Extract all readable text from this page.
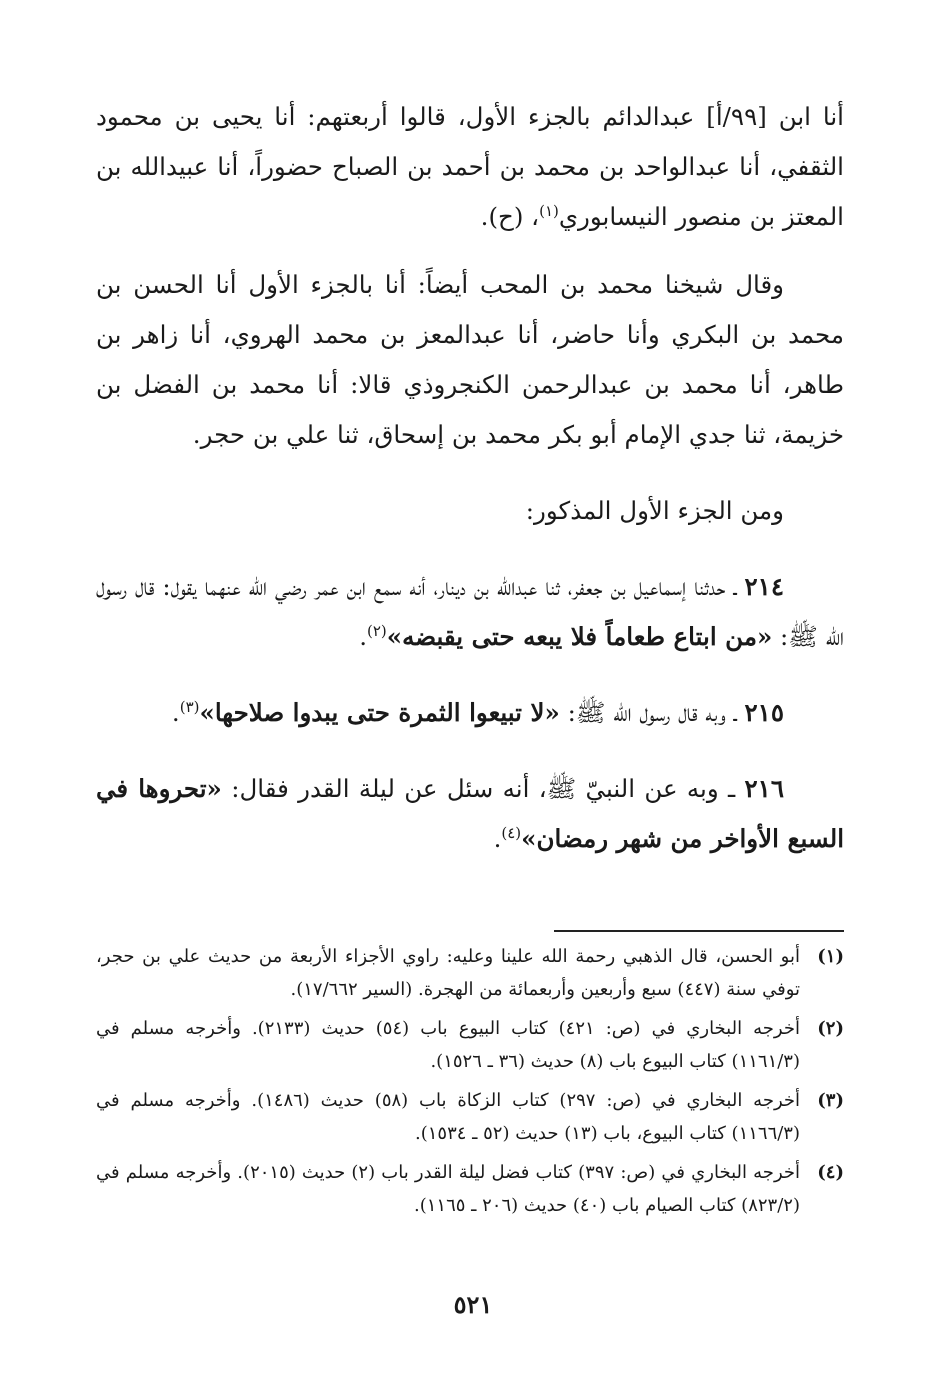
أنا ابن [٩٩/أ] عبدالدائم بالجزء الأول، قالوا أربعتهم: أنا يحيى بن محمود الثقفي، أنا عبدالواحد بن محمد بن أحمد بن الصباح حضوراً، أنا عبيدالله بن المعتز بن منصور النيسابوري$^{(١)}$، (ح).

وقال شيخنا محمد بن المحب أيضاً: أنا بالجزء الأول أنا الحسن بن محمد بن البكري وأنا حاضر، أنا عبدالمعز بن محمد الهروي، أنا زاهر بن طاهر، أنا محمد بن عبدالرحمن الكنجروذي قالا: أنا محمد بن الفضل بن خزيمة، ثنا جدي الإمام أبو بكر محمد بن إسحاق، ثنا علي بن حجر.

ومن الجزء الأول المذكور:

٢١٤ ـ حدثنا إسماعيل بن جعفر، ثنا عبدالله بن دينار، أنه سمع ابن عمر رضي الله عنهما يقول: قال رسول الله ﷺ: «من ابتاع طعاماً فلا يبعه حتى يقبضه»$^{(٢)}$.

٢١٥ ـ وبه قال رسول الله ﷺ: «لا تبيعوا الثمرة حتى يبدوا صلاحها»$^{(٣)}$.

٢١٦ ـ وبه عن النبيّ ﷺ، أنه سئل عن ليلة القدر فقال: «تحروها في السبع الأواخر من شهر رمضان»$^{(٤)}$.

(١)
أبو الحسن، قال الذهبي رحمة الله علينا وعليه: راوي الأجزاء الأربعة من حديث علي بن حجر، توفي سنة (٤٤٧) سبع وأربعين وأربعمائة من الهجرة. (السير ١٧/٦٦٢).
(٢)
أخرجه البخاري في (ص: ٤٢١) كتاب البيوع باب (٥٤) حديث (٢١٣٣). وأخرجه مسلم في (١١٦١/٣) كتاب البيوع باب (٨) حديث (٣٦ ـ ١٥٢٦).
(٣)
أخرجه البخاري في (ص: ٢٩٧) كتاب الزكاة باب (٥٨) حديث (١٤٨٦). وأخرجه مسلم في (١١٦٦/٣) كتاب البيوع، باب (١٣) حديث (٥٢ ـ ١٥٣٤).
(٤)
أخرجه البخاري في (ص: ٣٩٧) كتاب فضل ليلة القدر باب (٢) حديث (٢٠١٥). وأخرجه مسلم في (٨٢٣/٢) كتاب الصيام باب (٤٠) حديث (٢٠٦ ـ ١١٦٥).
٥٢١
